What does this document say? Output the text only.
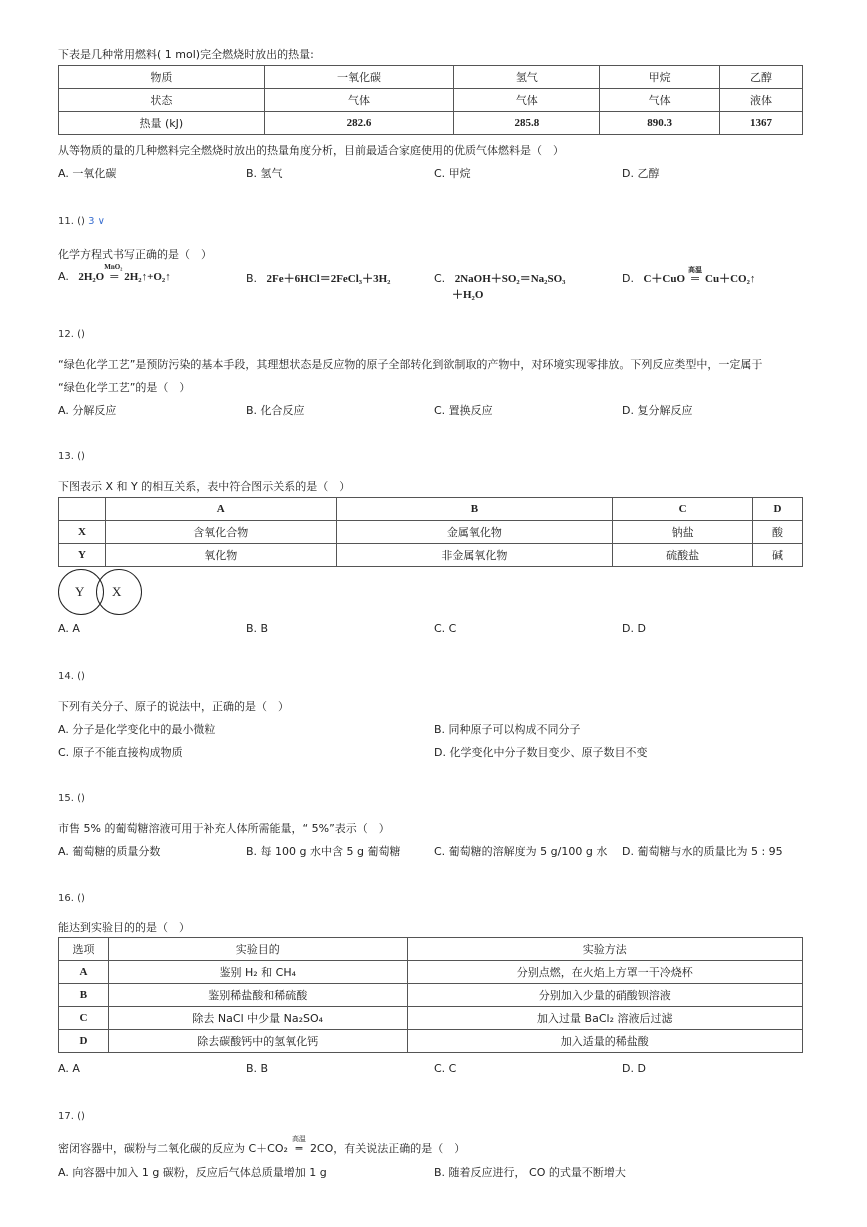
下表是几种常用燃料( 1 mol)完全燃烧时放出的热量:
物质	一氧化碳	氢气	甲烷	乙醇
状态	气体	气体	气体	液体
热量 (kJ)	282.6	285.8	890.3	1367
从等物质的量的几种燃料完全燃烧时放出的热量角度分析，目前最适合家庭使用的优质气体燃料是（　）
A. 一氧化碳	B. 氢气	C. 甲烷	D. 乙醇
11. () 3 ∨
化学方程式书写正确的是（　）
A. 2H₂O
MnO₂
═ 2H₂↑+O₂↑	B. 2Fe＋6HCl＝2FeCl₃＋3H₂	C. 2NaOH＋SO₂＝Na₂SO₃
＋H₂O
D. C＋CuO
高温
═ Cu＋CO₂↑
12. ()
“绿色化学工艺”是预防污染的基本手段，其理想状态是反应物的原子全部转化到欲制取的产物中，对环境实现零排放。下列反应类型中，一定属于
“绿色化学工艺”的是（　）
A. 分解反应	B. 化合反应	C. 置换反应	D. 复分解反应
13. ()
下图表示 X 和 Y 的相互关系，表中符合图示关系的是（　）
	A	B	C	D
X	含氧化合物	金属氧化物	钠盐	酸
Y	氧化物	非金属氧化物	硫酸盐	碱
Y X
A. A	B. B	C. C	D. D
14. ()
下列有关分子、原子的说法中，正确的是（　）
A. 分子是化学变化中的最小微粒	B. 同种原子可以构成不同分子
C. 原子不能直接构成物质	D. 化学变化中分子数目变少、原子数目不变
15. ()
市售 5% 的葡萄糖溶液可用于补充人体所需能量，“ 5%”表示（　）
A. 葡萄糖的质量分数	B. 每 100 g 水中含 5 g 葡萄糖	C. 葡萄糖的溶解度为 5 g/100 g 水 D. 葡萄糖与水的质量比为 5 : 95
16. ()
能达到实验目的的是（　）
选项	实验目的	实验方法
A	鉴别 H₂ 和 CH₄	分别点燃，在火焰上方罩一干冷烧杯
B	鉴别稀盐酸和稀硫酸	分别加入少量的硝酸钡溶液
C	除去 NaCl 中少量 Na₂SO₄	加入过量 BaCl₂ 溶液后过滤
D	除去碳酸钙中的氢氧化钙	加入适量的稀盐酸
A. A	B. B	C. C	D. D
17. ()
密闭容器中，碳粉与二氧化碳的反应为 C＋CO₂
高温
═ 2CO，有关说法正确的是（　）
A. 向容器中加入 1 g 碳粉，反应后气体总质量增加 1 g	B. 随着反应进行， CO 的式量不断增大
